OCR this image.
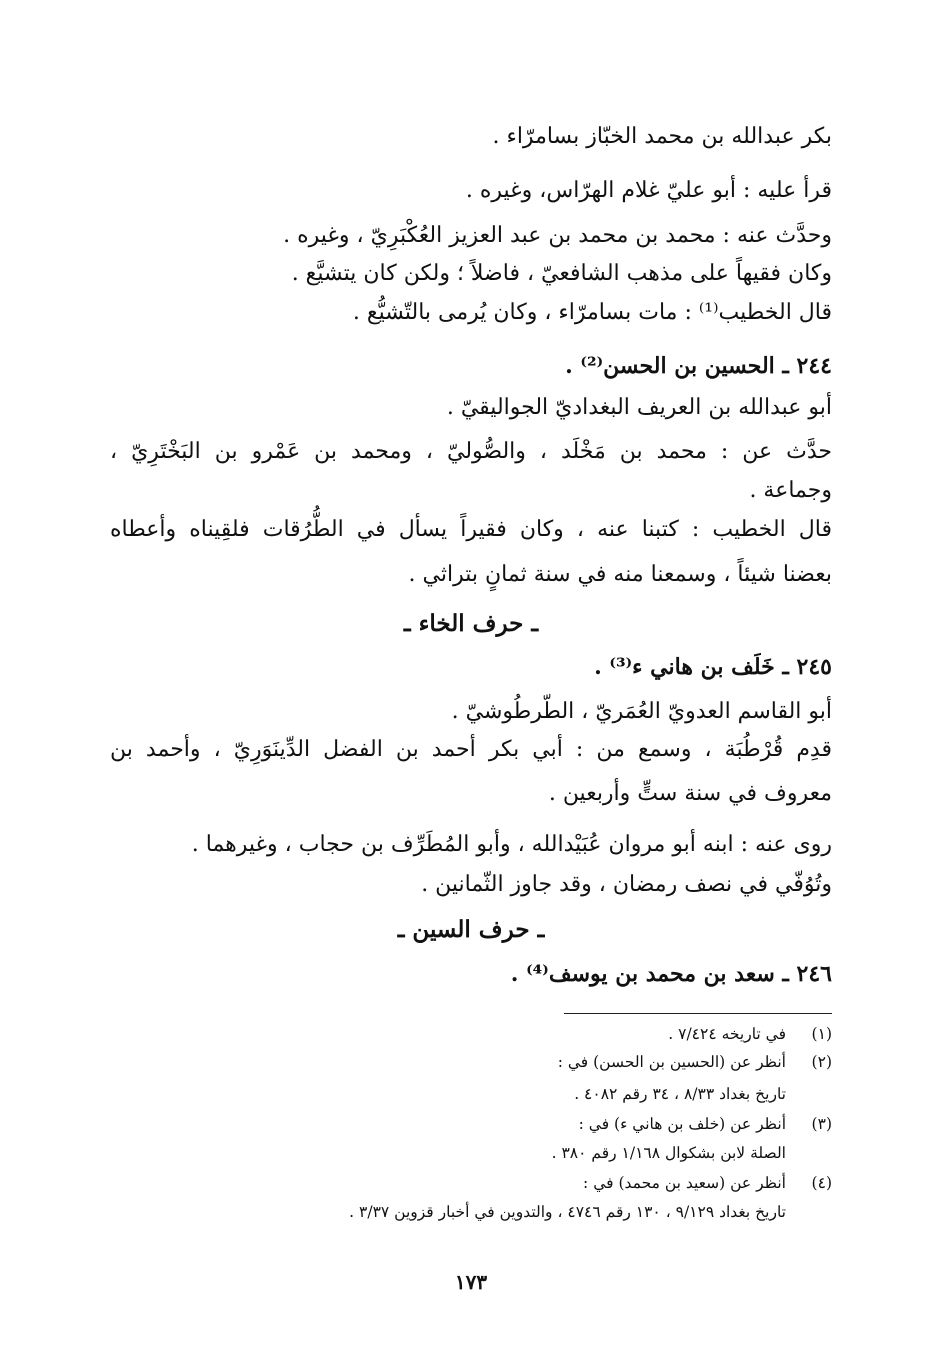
بكر عبدالله بن محمد الخبّاز بسامرّاء .
قرأ عليه : أبو عليّ غلام الهرّاس، وغيره .
وحدَّث عنه : محمد بن محمد بن عبد العزيز العُكْبَرِيّ ، وغيره .
وكان فقيهاً على مذهب الشافعيّ ، فاضلاً ؛ ولكن كان يتشيَّع .
قال الخطيب⁽¹⁾ : مات بسامرّاء ، وكان يُرمى بالتّشيُّع .
٢٤٤ ـ الحسين بن الحسن⁽²⁾ .
أبو عبدالله بن العريف البغداديّ الجواليقيّ .
حدَّث عن : محمد بن مَخْلَد ، والصُّوليّ ، ومحمد بن عَمْرو بن البَخْتَرِيّ ،
وجماعة .
قال الخطيب : كتبنا عنه ، وكان فقيراً يسأل في الطُّرُقات فلقِيناه وأعطاه
بعضنا شيئاً ، وسمعنا منه في سنة ثمانٍ بتراثي .
ـ حرف الخاء ـ
٢٤٥ ـ خَلَف بن هاني ء⁽³⁾ .
أبو القاسم العدويّ العُمَريّ ، الطّرطُوشيّ .
قدِم قُرْطُبَة ، وسمع من : أبي بكر أحمد بن الفضل الدِّينَوَرِيّ ، وأحمد بن
معروف في سنة ستٍّ وأربعين .
روى عنه : ابنه أبو مروان عُبَيْدالله ، وأبو المُطَرِّف بن حجاب ، وغيرهما .
وتُوُفّي في نصف رمضان ، وقد جاوز الثّمانين .
ـ حرف السين ـ
٢٤٦ ـ سعد بن محمد بن يوسف⁽⁴⁾ .
(١)في تاريخه ٧/٤٢٤ .
(٢)أنظر عن (الحسين بن الحسن) في :
تاريخ بغداد ٨/٣٣ ، ٣٤ رقم ٤٠٨٢ .
(٣)أنظر عن (خلف بن هاني ء) في :
الصلة لابن بشكوال ١/١٦٨ رقم ٣٨٠ .
(٤)أنظر عن (سعيد بن محمد) في :
تاريخ بغداد ٩/١٢٩ ، ١٣٠ رقم ٤٧٤٦ ، والتدوين في أخبار قزوين ٣/٣٧ .
١٧٣
